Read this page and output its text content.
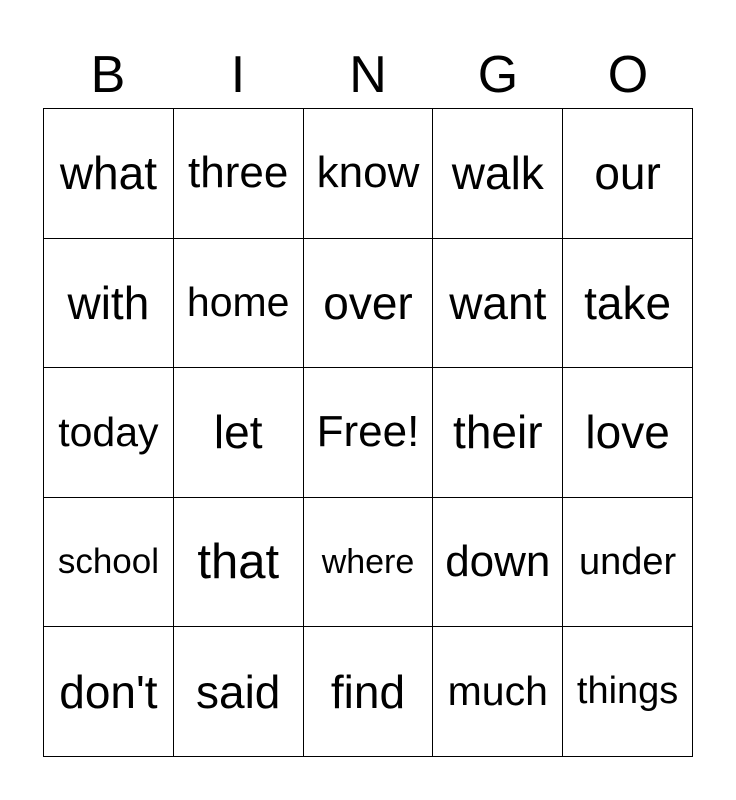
B	I	N	G	O
what three know walk	our
with home over want take
today	let	Free! their love
school that	where down under
don't said	find	much things
